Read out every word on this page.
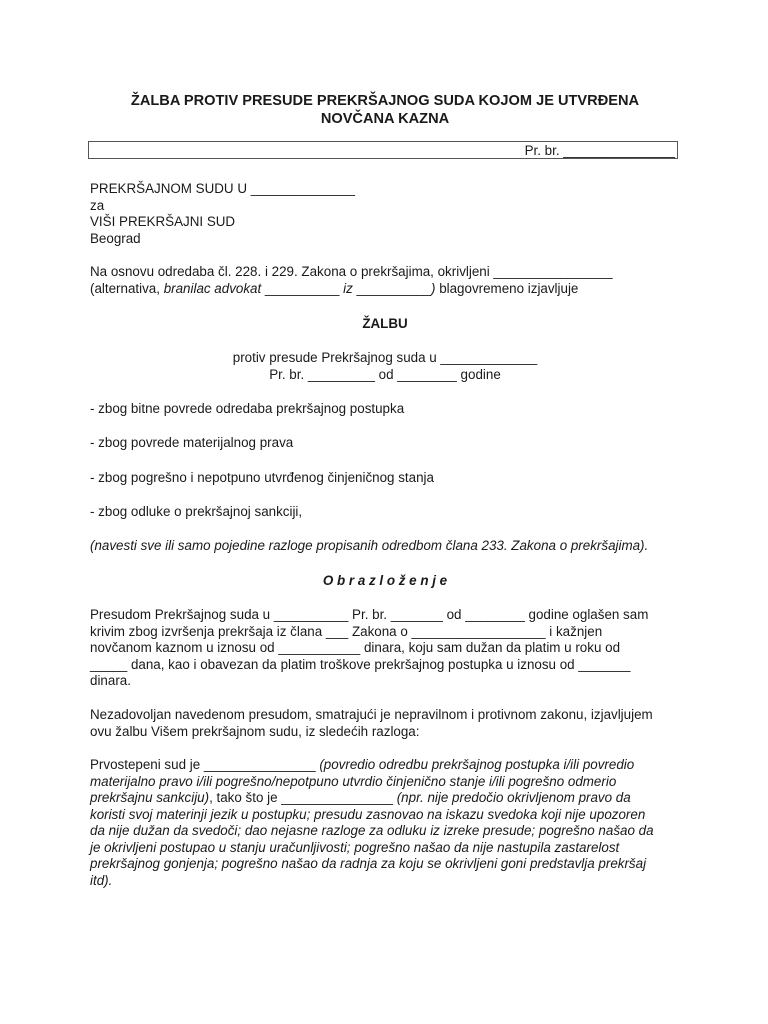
ŽALBA PROTIV PRESUDE PREKRŠAJNOG SUDA KOJOM JE UTVRĐENA
NOVČANA KAZNA
Pr. br. _______________
PREKRŠAJNOM SUDU U ______________
za
VIŠI PREKRŠAJNI SUD
Beograd
Na osnovu odredaba čl. 228. i 229. Zakona o prekršajima, okrivljeni ________________
(alternativa, branilac advokat __________ iz __________) blagovremeno izjavljuje
ŽALBU
protiv presude Prekršajnog suda u _____________
Pr. br. _________ od ________ godine
- zbog bitne povrede odredaba prekršajnog postupka
- zbog povrede materijalnog prava
- zbog pogrešno i nepotpuno utvrđenog činjeničnog stanja
- zbog odluke o prekršajnoj sankciji,
(navesti sve ili samo pojedine razloge propisanih odredbom člana 233. Zakona o prekršajima).
O b r a z l o ž e n j e
Presudom Prekršajnog suda u __________ Pr. br. _______ od ________ godine oglašen sam
krivim zbog izvršenja prekršaja iz člana ___ Zakona o __________________ i kažnjen
novčanom kaznom u iznosu od ___________ dinara, koju sam dužan da platim u roku od
_____ dana, kao i obavezan da platim troškove prekršajnog postupka u iznosu od _______
dinara.
Nezadovoljan navedenom presudom, smatrajući je nepravilnom i protivnom zakonu, izjavljujem
ovu žalbu Višem prekršajnom sudu, iz sledećih razloga:
Prvostepeni sud je _______________ (povredio odredbu prekršajnog postupka i/ili povredio
materijalno pravo i/ili pogrešno/nepotpuno utvrdio činjenično stanje i/ili pogrešno odmerio
prekršajnu sankciju), tako što je _______________ (npr. nije predočio okrivljenom pravo da
koristi svoj materinji jezik u postupku; presudu zasnovao na iskazu svedoka koji nije upozoren
da nije dužan da svedoči; dao nejasne razloge za odluku iz izreke presude; pogrešno našao da
je okrivljeni postupao u stanju uračunljivosti; pogrešno našao da nije nastupila zastarelost
prekršajnog gonjenja; pogrešno našao da radnja za koju se okrivljeni goni predstavlja prekršaj
itd).
